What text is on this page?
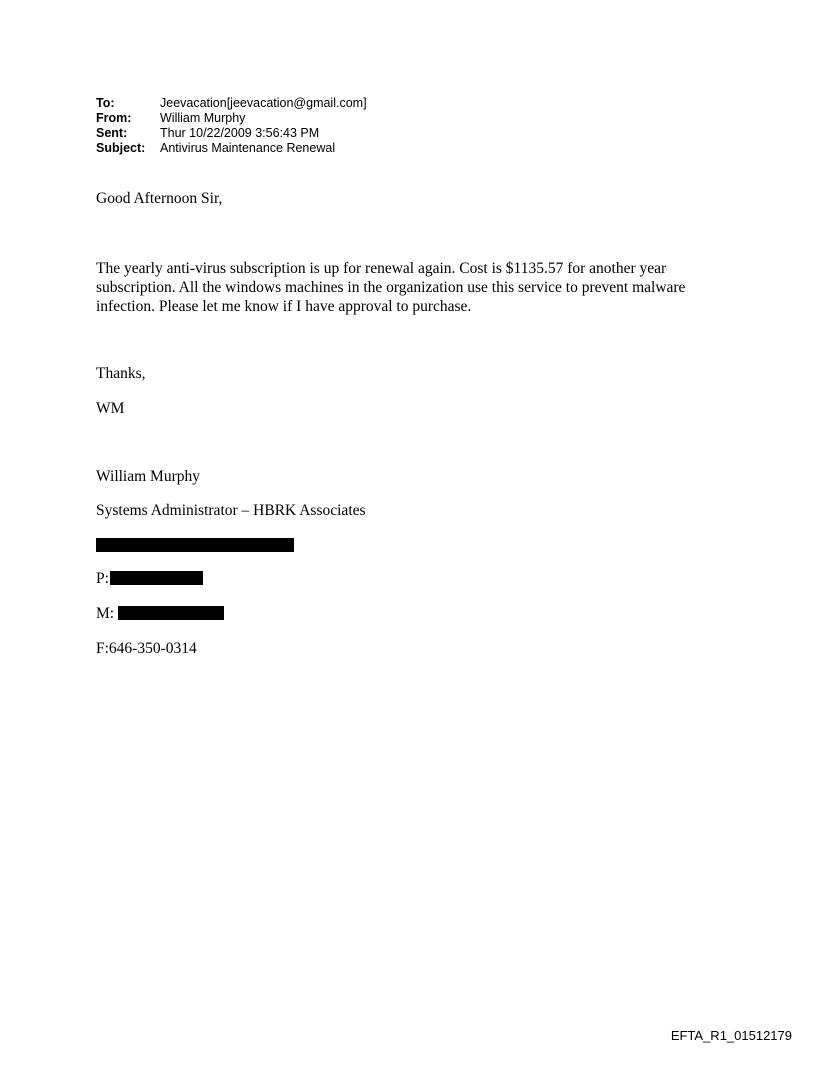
To:	Jeevacation[jeevacation@gmail.com]
From:	William Murphy
Sent:	Thur 10/22/2009 3:56:43 PM
Subject:	Antivirus Maintenance Renewal
Good Afternoon Sir,
The yearly anti-virus subscription is up for renewal again. Cost is $1135.57 for another year
subscription. All the windows machines in the organization use this service to prevent malware
infection. Please let me know if I have approval to purchase.
Thanks,
WM
William Murphy
Systems Administrator – HBRK Associates
P:
M:
F:646-350-0314
EFTA_R1_01512179
